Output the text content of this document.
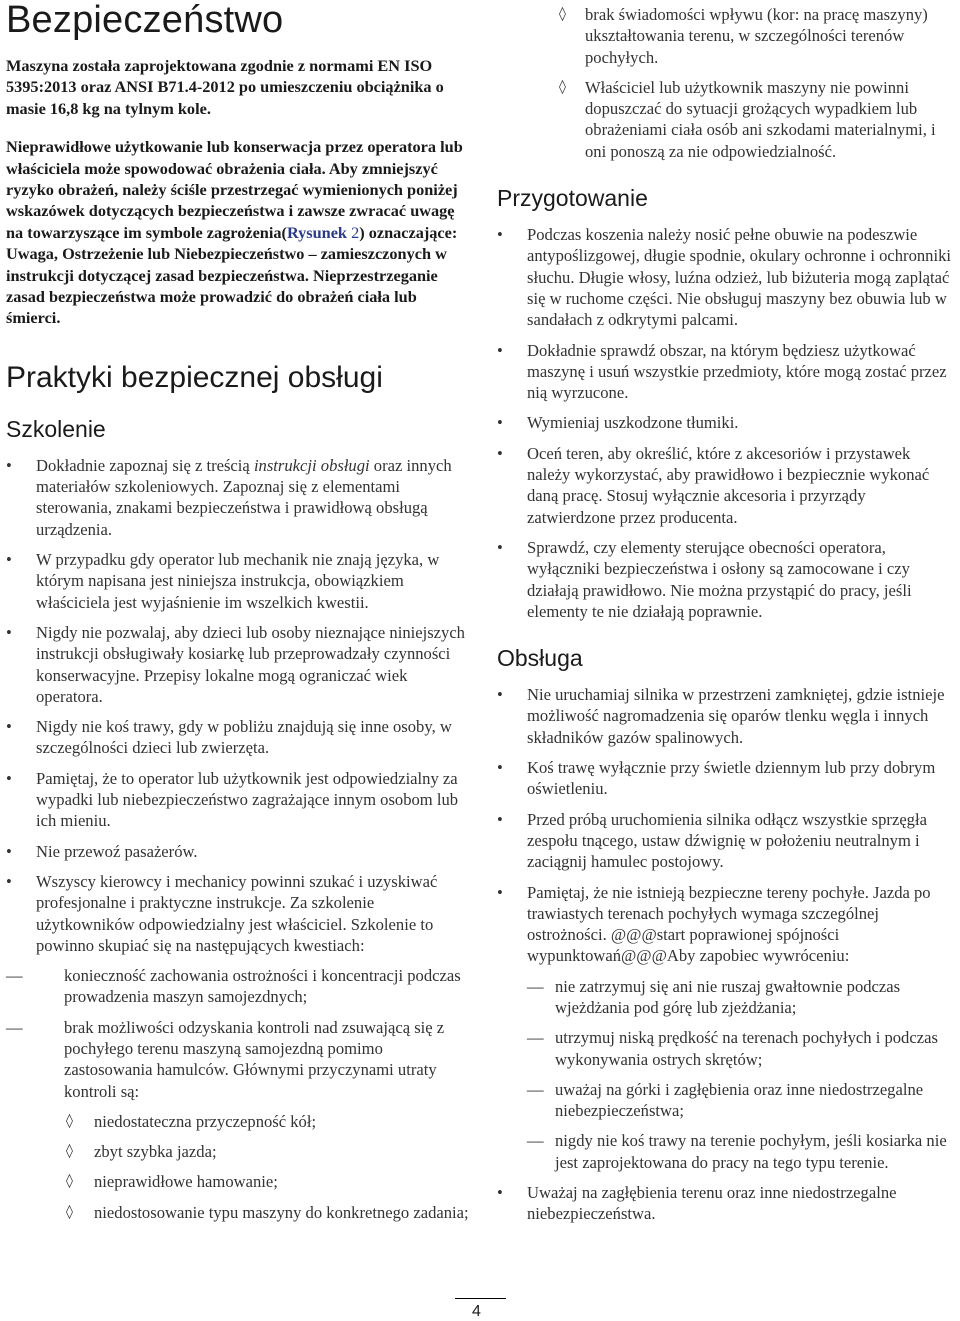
Bezpieczeństwo

Maszyna została zaprojektowana zgodnie z normami EN ISO 5395:2013 oraz ANSI B71.4-2012 po umieszczeniu obciążnika o masie 16,8 kg na tylnym kole.

Nieprawidłowe użytkowanie lub konserwacja przez operatora lub właściciela może spowodować obrażenia ciała. Aby zmniejszyć ryzyko obrażeń, należy ściśle przestrzegać wymienionych poniżej wskazówek dotyczących bezpieczeństwa i zawsze zwracać uwagę na towarzyszące im symbole zagrożenia(Rysunek 2) oznaczające: Uwaga, Ostrzeżenie lub Niebezpieczeństwo – zamieszczonych w instrukcji dotyczącej zasad bezpieczeństwa. Nieprzestrzeganie zasad bezpieczeństwa może prowadzić do obrażeń ciała lub śmierci.

Praktyki bezpiecznej obsługi
Szkolenie
• Dokładnie zapoznaj się z treścią instrukcji obsługi oraz innych materiałów szkoleniowych. Zapoznaj się z elementami sterowania, znakami bezpieczeństwa i prawidłową obsługą urządzenia.
• W przypadku gdy operator lub mechanik nie znają języka, w którym napisana jest niniejsza instrukcja, obowiązkiem właściciela jest wyjaśnienie im wszelkich kwestii.
• Nigdy nie pozwalaj, aby dzieci lub osoby nieznające niniejszych instrukcji obsługiwały kosiarkę lub przeprowadzały czynności konserwacyjne. Przepisy lokalne mogą ograniczać wiek operatora.
• Nigdy nie koś trawy, gdy w pobliżu znajdują się inne osoby, w szczególności dzieci lub zwierzęta.
• Pamiętaj, że to operator lub użytkownik jest odpowiedzialny za wypadki lub niebezpieczeństwo zagrażające innym osobom lub ich mieniu.
• Nie przewoź pasażerów.
• Wszyscy kierowcy i mechanicy powinni szukać i uzyskiwać profesjonalne i praktyczne instrukcje. Za szkolenie użytkowników odpowiedzialny jest właściciel. Szkolenie to powinno skupiać się na następujących kwestiach:
— konieczność zachowania ostrożności i koncentracji podczas prowadzenia maszyn samojezdnych;
— brak możliwości odzyskania kontroli nad zsuwającą się z pochyłego terenu maszyną samojezdną pomimo zastosowania hamulców. Głównymi przyczynami utraty kontroli są:
◊ niedostateczna przyczepność kół;
◊ zbyt szybka jazda;
◊ nieprawidłowe hamowanie;
◊ niedostosowanie typu maszyny do konkretnego zadania;
◊ brak świadomości wpływu (kor: na pracę maszyny) ukształtowania terenu, w szczególności terenów pochyłych.
◊ Właściciel lub użytkownik maszyny nie powinni dopuszczać do sytuacji grożących wypadkiem lub obrażeniami ciała osób ani szkodami materialnymi, i oni ponoszą za nie odpowiedzialność.
Przygotowanie
• Podczas koszenia należy nosić pełne obuwie na podeszwie antypoślizgowej, długie spodnie, okulary ochronne i ochronniki słuchu. Długie włosy, luźna odzież, lub biżuteria mogą zaplątać się w ruchome części. Nie obsługuj maszyny bez obuwia lub w sandałach z odkrytymi palcami.
• Dokładnie sprawdź obszar, na którym będziesz użytkować maszynę i usuń wszystkie przedmioty, które mogą zostać przez nią wyrzucone.
• Wymieniaj uszkodzone tłumiki.
• Oceń teren, aby określić, które z akcesoriów i przystawek należy wykorzystać, aby prawidłowo i bezpiecznie wykonać daną pracę. Stosuj wyłącznie akcesoria i przyrządy zatwierdzone przez producenta.
• Sprawdź, czy elementy sterujące obecności operatora, wyłączniki bezpieczeństwa i osłony są zamocowane i czy działają prawidłowo. Nie można przystąpić do pracy, jeśli elementy te nie działają poprawnie.
Obsługa
• Nie uruchamiaj silnika w przestrzeni zamkniętej, gdzie istnieje możliwość nagromadzenia się oparów tlenku węgla i innych składników gazów spalinowych.
• Koś trawę wyłącznie przy świetle dziennym lub przy dobrym oświetleniu.
• Przed próbą uruchomienia silnika odłącz wszystkie sprzęgła zespołu tnącego, ustaw dźwignię w położeniu neutralnym i zaciągnij hamulec postojowy.
• Pamiętaj, że nie istnieją bezpieczne tereny pochyłe. Jazda po trawiastych terenach pochyłych wymaga szczególnej ostrożności. @@@start poprawionej spójności wypunktowań@@@Aby zapobiec wywróceniu:
— nie zatrzymuj się ani nie ruszaj gwałtownie podczas wjeżdżania pod górę lub zjeżdżania;
— utrzymuj niską prędkość na terenach pochyłych i podczas wykonywania ostrych skrętów;
— uważaj na górki i zagłębienia oraz inne niedostrzegalne niebezpieczeństwa;
— nigdy nie koś trawy na terenie pochyłym, jeśli kosiarka nie jest zaprojektowana do pracy na tego typu terenie.
• Uważaj na zagłębienia terenu oraz inne niedostrzegalne niebezpieczeństwa.
4
